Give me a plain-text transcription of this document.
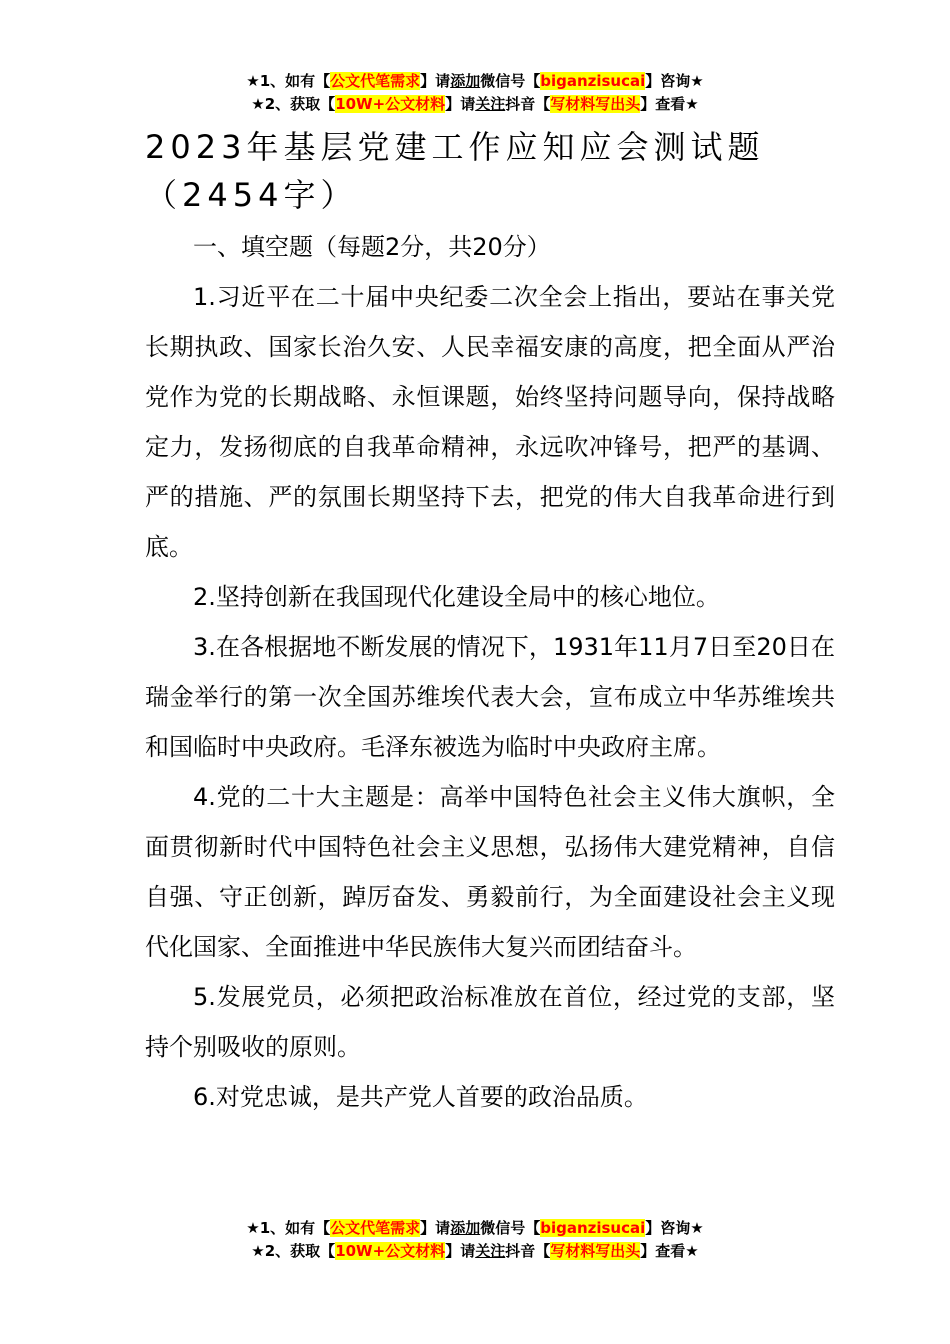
★1、如有【公文代笔需求】请添加微信号【biganzisucai】咨询★
★2、获取【10W+公文材料】请关注抖音【写材料写出头】查看★
2023年基层党建工作应知应会测试题（2454字）

一、填空题（每题2分，共20分）

1.习近平在二十届中央纪委二次全会上指出，要站在事关党长期执政、国家长治久安、人民幸福安康的高度，把全面从严治党作为党的长期战略、永恒课题，始终坚持问题导向，保持战略定力，发扬彻底的自我革命精神，永远吹冲锋号，把严的基调、严的措施、严的氛围长期坚持下去，把党的伟大自我革命进行到底。

2.坚持创新在我国现代化建设全局中的核心地位。

3.在各根据地不断发展的情况下，1931年11月7日至20日在瑞金举行的第一次全国苏维埃代表大会，宣布成立中华苏维埃共和国临时中央政府。毛泽东被选为临时中央政府主席。

4.党的二十大主题是：高举中国特色社会主义伟大旗帜，全面贯彻新时代中国特色社会主义思想，弘扬伟大建党精神，自信自强、守正创新，踔厉奋发、勇毅前行，为全面建设社会主义现代化国家、全面推进中华民族伟大复兴而团结奋斗。

5.发展党员，必须把政治标准放在首位，经过党的支部，坚持个别吸收的原则。

6.对党忠诚，是共产党人首要的政治品质。

★1、如有【公文代笔需求】请添加微信号【biganzisucai】咨询★
★2、获取【10W+公文材料】请关注抖音【写材料写出头】查看★
